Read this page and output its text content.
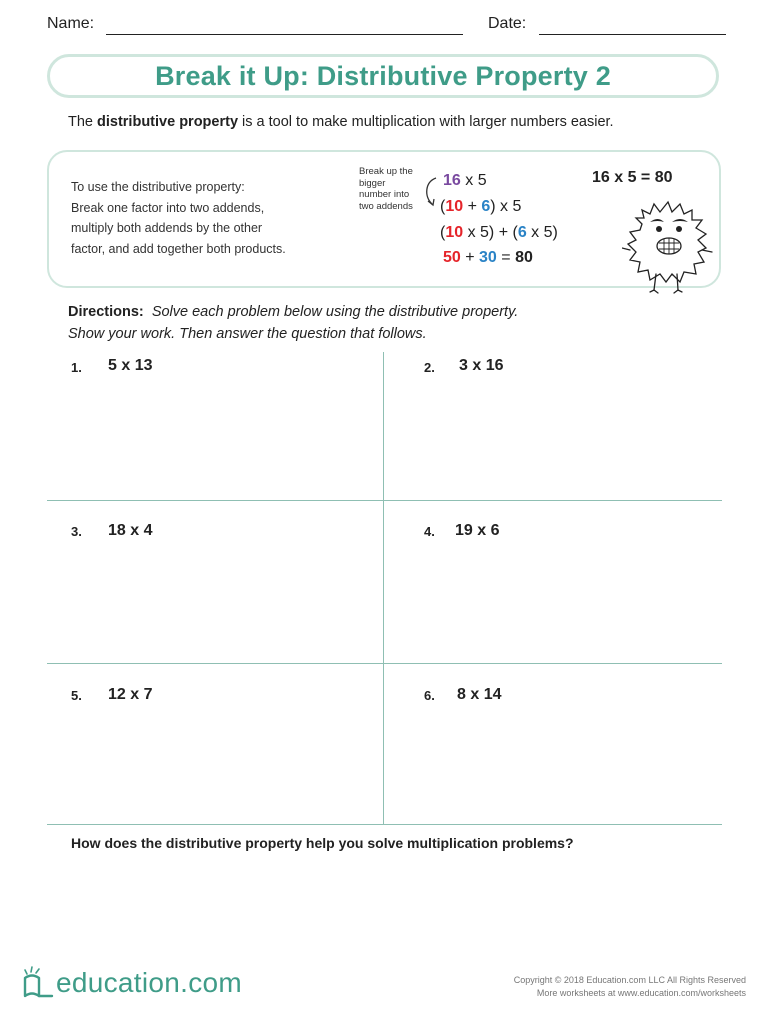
Name:	Date:
Break it Up: Distributive Property 2
The distributive property is a tool to make multiplication with larger numbers easier.
To use the distributive property:
Break one factor into two addends,
multiply both addends by the other
factor, and add together both products.
Break up the bigger number into two addends
16 x 5
(10 + 6) x 5
(10 x 5) + (6 x 5)
50 + 30 = 80
16 x 5 = 80
Directions: Solve each problem below using the distributive property.
Show your work. Then answer the question that follows.
1. 5 x 13	2. 3 x 16
3. 18 x 4	4. 19 x 6
5. 12 x 7	6. 8 x 14
How does the distributive property help you solve multiplication problems?
education.com	Copyright © 2018 Education.com LLC All Rights Reserved
More worksheets at www.education.com/worksheets
